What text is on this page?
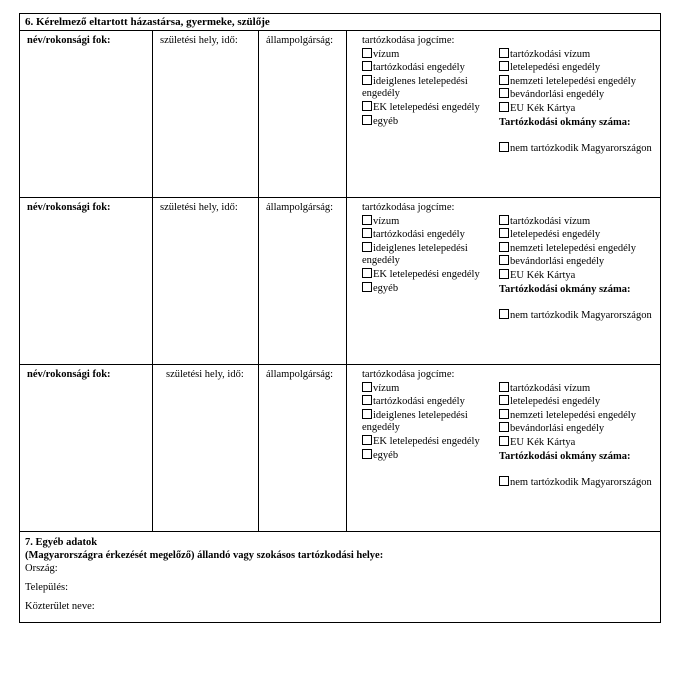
6. Kérelmező eltartott házastársa, gyermeke, szülője
név/rokonsági fok:	születési hely, idő:	állampolgárság:	tartózkodása jogcíme:
vízum
tartózkodási engedély
ideiglenes letelepedési engedély
EK letelepedési engedély
egyéb
tartózkodási vízum
letelepedési engedély
nemzeti letelepedési engedély
bevándorlási engedély
EU Kék Kártya
Tartózkodási okmány száma:
nem tartózkodik Magyarországon
név/rokonsági fok:	születési hely, idő:	állampolgárság:	tartózkodása jogcíme:
vízum
tartózkodási engedély
ideiglenes letelepedési engedély
EK letelepedési engedély
egyéb
tartózkodási vízum
letelepedési engedély
nemzeti letelepedési engedély
bevándorlási engedély
EU Kék Kártya
Tartózkodási okmány száma:
nem tartózkodik Magyarországon
név/rokonsági fok:	születési hely, idő: állampolgárság:	tartózkodása jogcíme:
vízum
tartózkodási engedély
ideiglenes letelepedési engedély
EK letelepedési engedély
egyéb
tartózkodási vízum
letelepedési engedély
nemzeti letelepedési engedély
bevándorlási engedély
EU Kék Kártya
Tartózkodási okmány száma:
nem tartózkodik Magyarországon
7. Egyéb adatok
(Magyarországra érkezését megelőző) állandó vagy szokásos tartózkodási helye:
Ország:
Település:
Közterület neve:
